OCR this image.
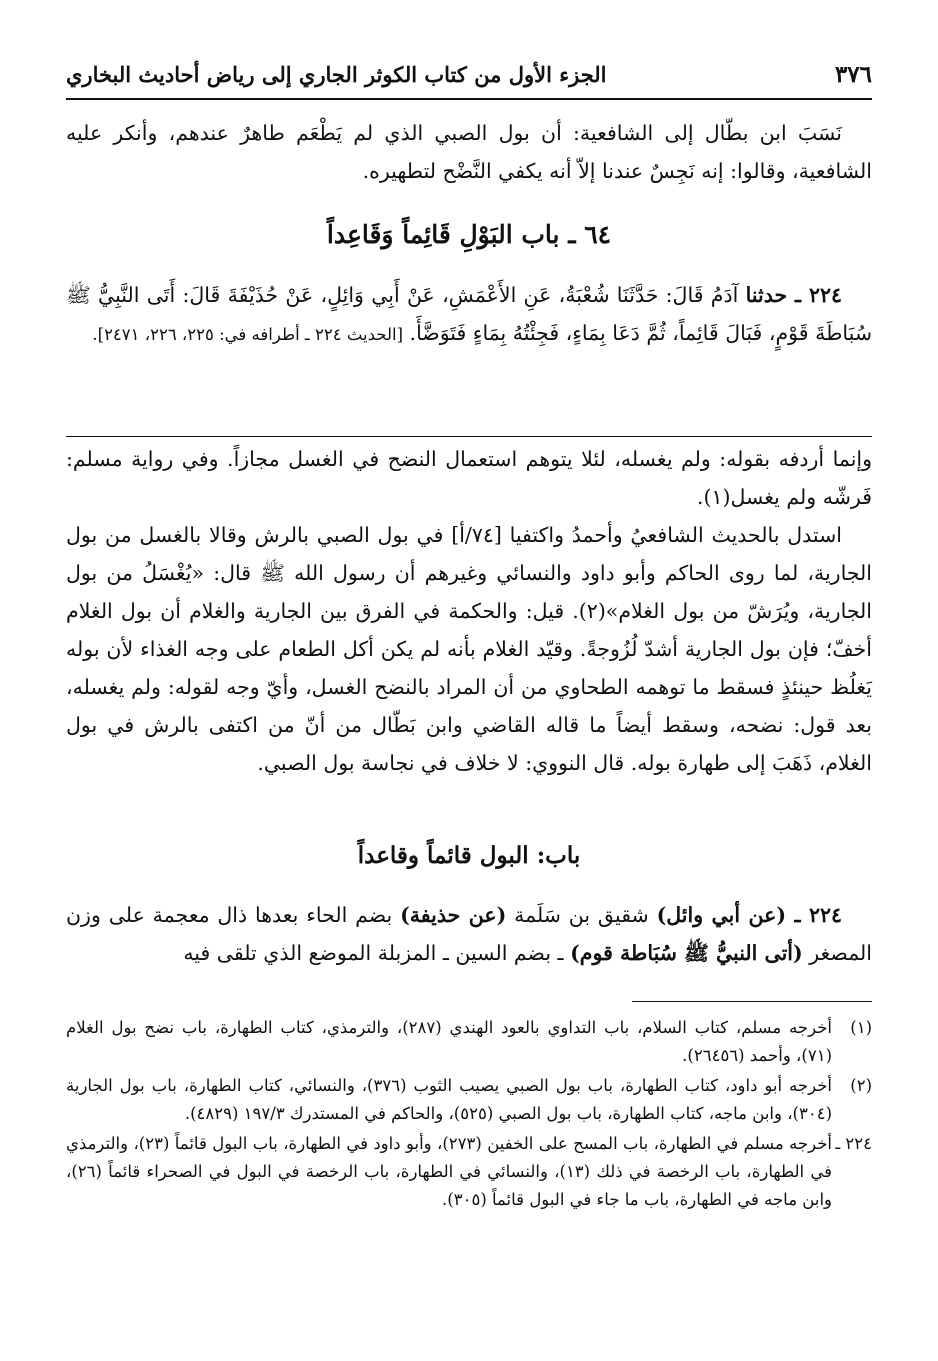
٣٧٦
الجزء الأول من كتاب الكوثر الجاري إلى رياض أحاديث البخاري

نَسَبَ ابن بطّال إلى الشافعية: أن بول الصبي الذي لم يَطْعَم طاهرٌ عندهم، وأنكر عليه الشافعية، وقالوا: إنه نَجِسٌ عندنا إلاّ أنه يكفي النَّضْح لتطهيره.

٦٤ ـ باب البَوْلِ قَائِماً وَقَاعِداً

٢٢٤ ـ حدثنا آدَمُ قَالَ: حَدَّثَنَا شُعْبَةُ، عَنِ الأَعْمَشِ، عَنْ أَبِي وَائِلٍ، عَنْ حُذَيْفَةَ قَالَ: أَتَى النَّبِيُّ ﷺ سُبَاطَةَ قَوْمٍ، فَبَالَ قَائِماً، ثُمَّ دَعَا بِمَاءٍ، فَجِئْتُهُ بِمَاءٍ فَتَوَضَّأَ. [الحديث ٢٢٤ ـ أطرافه في: ٢٢٥، ٢٢٦، ٢٤٧١].

وإنما أردفه بقوله: ولم يغسله، لئلا يتوهم استعمال النضح في الغسل مجازاً. وفي رواية مسلم: فَرشّه ولم يغسل(١).

استدل بالحديث الشافعيُ وأحمدُ واكتفيا [٧٤/أ] في بول الصبي بالرش وقالا بالغسل من بول الجارية، لما روى الحاكم وأبو داود والنسائي وغيرهم أن رسول الله ﷺ قال: «يُغْسَلُ من بول الجارية، ويُرَشّ من بول الغلام»(٢). قيل: والحكمة في الفرق بين الجارية والغلام أن بول الغلام أخفّ؛ فإن بول الجارية أشدّ لُزُوجةً. وقيّد الغلام بأنه لم يكن أكل الطعام على وجه الغذاء لأن بوله يَغلُظ حينئذٍ فسقط ما توهمه الطحاوي من أن المراد بالنضح الغسل، وأيّ وجه لقوله: ولم يغسله، بعد قول: نضحه، وسقط أيضاً ما قاله القاضي وابن بَطّال من أنّ من اكتفى بالرش في بول الغلام، ذَهَبَ إلى طهارة بوله. قال النووي: لا خلاف في نجاسة بول الصبي.

باب: البول قائماً وقاعداً

٢٢٤ ـ (عن أبي وائل) شقيق بن سَلَمة (عن حذيفة) بضم الحاء بعدها ذال معجمة على وزن المصغر (أتى النبيُّ ﷺ سُبَاطة قوم) ـ بضم السين ـ المزبلة الموضع الذي تلقى فيه

(١)
أخرجه مسلم، كتاب السلام، باب التداوي بالعود الهندي (٢٨٧)، والترمذي، كتاب الطهارة، باب نضح بول الغلام (٧١)، وأحمد (٢٦٤٥٦).
(٢)
أخرجه أبو داود، كتاب الطهارة، باب بول الصبي يصيب الثوب (٣٧٦)، والنسائي، كتاب الطهارة، باب بول الجارية (٣٠٤)، وابن ماجه، كتاب الطهارة، باب بول الصبي (٥٢٥)، والحاكم في المستدرك ١٩٧/٣ (٤٨٢٩).
٢٢٤ ـ
أخرجه مسلم في الطهارة، باب المسح على الخفين (٢٧٣)، وأبو داود في الطهارة، باب البول قائماً (٢٣)، والترمذي في الطهارة، باب الرخصة في ذلك (١٣)، والنسائي في الطهارة، باب الرخصة في البول في الصحراء قائماً (٢٦)، وابن ماجه في الطهارة، باب ما جاء في البول قائماً (٣٠٥).
